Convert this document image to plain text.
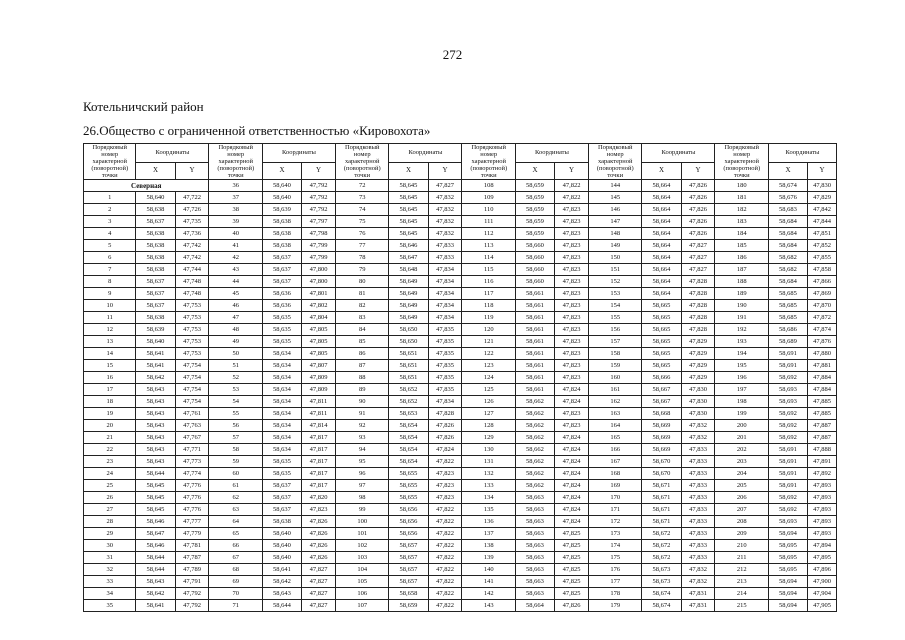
272
Котельничский район
26.Общество с ограниченной ответственностью «Кировохота»
Порядковый номер характерной (поворотной) точки	Координаты		Порядковый номер характерной (поворотной) точки	Координаты		Порядковый номер характерной (поворотной) точки	Координаты		Порядковый номер характерной (поворотной) точки	Координаты		Порядковый номер характерной (поворотной) точки	Координаты		Порядковый номер характерной (поворотной) точки	Координаты	
	X	Y		X	Y		X	Y		X	Y		X	Y		X	Y
Северная			36	58,640	47,792	72	58,645	47,827	108	58,659	47,822	144	58,664	47,826	180	58,674	47,830
1	58,640	47,722	37	58,640	47,792	73	58,645	47,832	109	58,659	47,822	145	58,664	47,826	181	58,676	47,829
2	58,638	47,726	38	58,639	47,792	74	58,645	47,832	110	58,659	47,823	146	58,664	47,826	182	58,683	47,842
3	58,637	47,735	39	58,638	47,797	75	58,645	47,832	111	58,659	47,823	147	58,664	47,826	183	58,684	47,844
4	58,638	47,736	40	58,638	47,798	76	58,645	47,832	112	58,659	47,823	148	58,664	47,826	184	58,684	47,851
5	58,638	47,742	41	58,638	47,799	77	58,646	47,833	113	58,660	47,823	149	58,664	47,827	185	58,684	47,852
6	58,638	47,742	42	58,637	47,799	78	58,647	47,833	114	58,660	47,823	150	58,664	47,827	186	58,682	47,855
7	58,638	47,744	43	58,637	47,800	79	58,648	47,834	115	58,660	47,823	151	58,664	47,827	187	58,682	47,858
8	58,637	47,748	44	58,637	47,800	80	58,649	47,834	116	58,660	47,823	152	58,664	47,828	188	58,684	47,866
9	58,637	47,748	45	58,636	47,801	81	58,649	47,834	117	58,661	47,823	153	58,664	47,828	189	58,685	47,869
10	58,637	47,753	46	58,636	47,802	82	58,649	47,834	118	58,661	47,823	154	58,665	47,828	190	58,685	47,870
11	58,638	47,753	47	58,635	47,804	83	58,649	47,834	119	58,661	47,823	155	58,665	47,828	191	58,685	47,872
12	58,639	47,753	48	58,635	47,805	84	58,650	47,835	120	58,661	47,823	156	58,665	47,828	192	58,686	47,874
13	58,640	47,753	49	58,635	47,805	85	58,650	47,835	121	58,661	47,823	157	58,665	47,829	193	58,689	47,876
14	58,641	47,753	50	58,634	47,805	86	58,651	47,835	122	58,661	47,823	158	58,665	47,829	194	58,691	47,880
15	58,641	47,754	51	58,634	47,807	87	58,651	47,835	123	58,661	47,823	159	58,665	47,829	195	58,691	47,881
16	58,642	47,754	52	58,634	47,809	88	58,651	47,835	124	58,661	47,823	160	58,666	47,829	196	58,692	47,884
17	58,643	47,754	53	58,634	47,809	89	58,652	47,835	125	58,661	47,824	161	58,667	47,830	197	58,693	47,884
18	58,643	47,754	54	58,634	47,811	90	58,652	47,834	126	58,662	47,824	162	58,667	47,830	198	58,693	47,885
19	58,643	47,761	55	58,634	47,811	91	58,653	47,828	127	58,662	47,823	163	58,668	47,830	199	58,692	47,885
20	58,643	47,763	56	58,634	47,814	92	58,654	47,826	128	58,662	47,823	164	58,669	47,832	200	58,692	47,887
21	58,643	47,767	57	58,634	47,817	93	58,654	47,826	129	58,662	47,824	165	58,669	47,832	201	58,692	47,887
22	58,643	47,771	58	58,634	47,817	94	58,654	47,824	130	58,662	47,824	166	58,669	47,833	202	58,691	47,888
23	58,643	47,773	59	58,635	47,817	95	58,654	47,822	131	58,662	47,824	167	58,670	47,833	203	58,691	47,891
24	58,644	47,774	60	58,635	47,817	96	58,655	47,823	132	58,662	47,824	168	58,670	47,833	204	58,691	47,892
25	58,645	47,776	61	58,637	47,817	97	58,655	47,823	133	58,662	47,824	169	58,671	47,833	205	58,691	47,893
26	58,645	47,776	62	58,637	47,820	98	58,655	47,823	134	58,663	47,824	170	58,671	47,833	206	58,692	47,893
27	58,645	47,776	63	58,637	47,823	99	58,656	47,822	135	58,663	47,824	171	58,671	47,833	207	58,692	47,893
28	58,646	47,777	64	58,638	47,826	100	58,656	47,822	136	58,663	47,824	172	58,671	47,833	208	58,693	47,893
29	58,647	47,779	65	58,640	47,826	101	58,656	47,822	137	58,663	47,825	173	58,672	47,833	209	58,694	47,893
30	58,646	47,781	66	58,640	47,826	102	58,657	47,822	138	58,663	47,825	174	58,672	47,833	210	58,695	47,894
31	58,644	47,787	67	58,640	47,826	103	58,657	47,822	139	58,663	47,825	175	58,672	47,833	211	58,695	47,895
32	58,644	47,789	68	58,641	47,827	104	58,657	47,822	140	58,663	47,825	176	58,673	47,832	212	58,695	47,896
33	58,643	47,791	69	58,642	47,827	105	58,657	47,822	141	58,663	47,825	177	58,673	47,832	213	58,694	47,900
34	58,642	47,792	70	58,643	47,827	106	58,658	47,822	142	58,663	47,825	178	58,674	47,831	214	58,694	47,904
35	58,641	47,792	71	58,644	47,827	107	58,659	47,822	143	58,664	47,826	179	58,674	47,831	215	58,694	47,905
